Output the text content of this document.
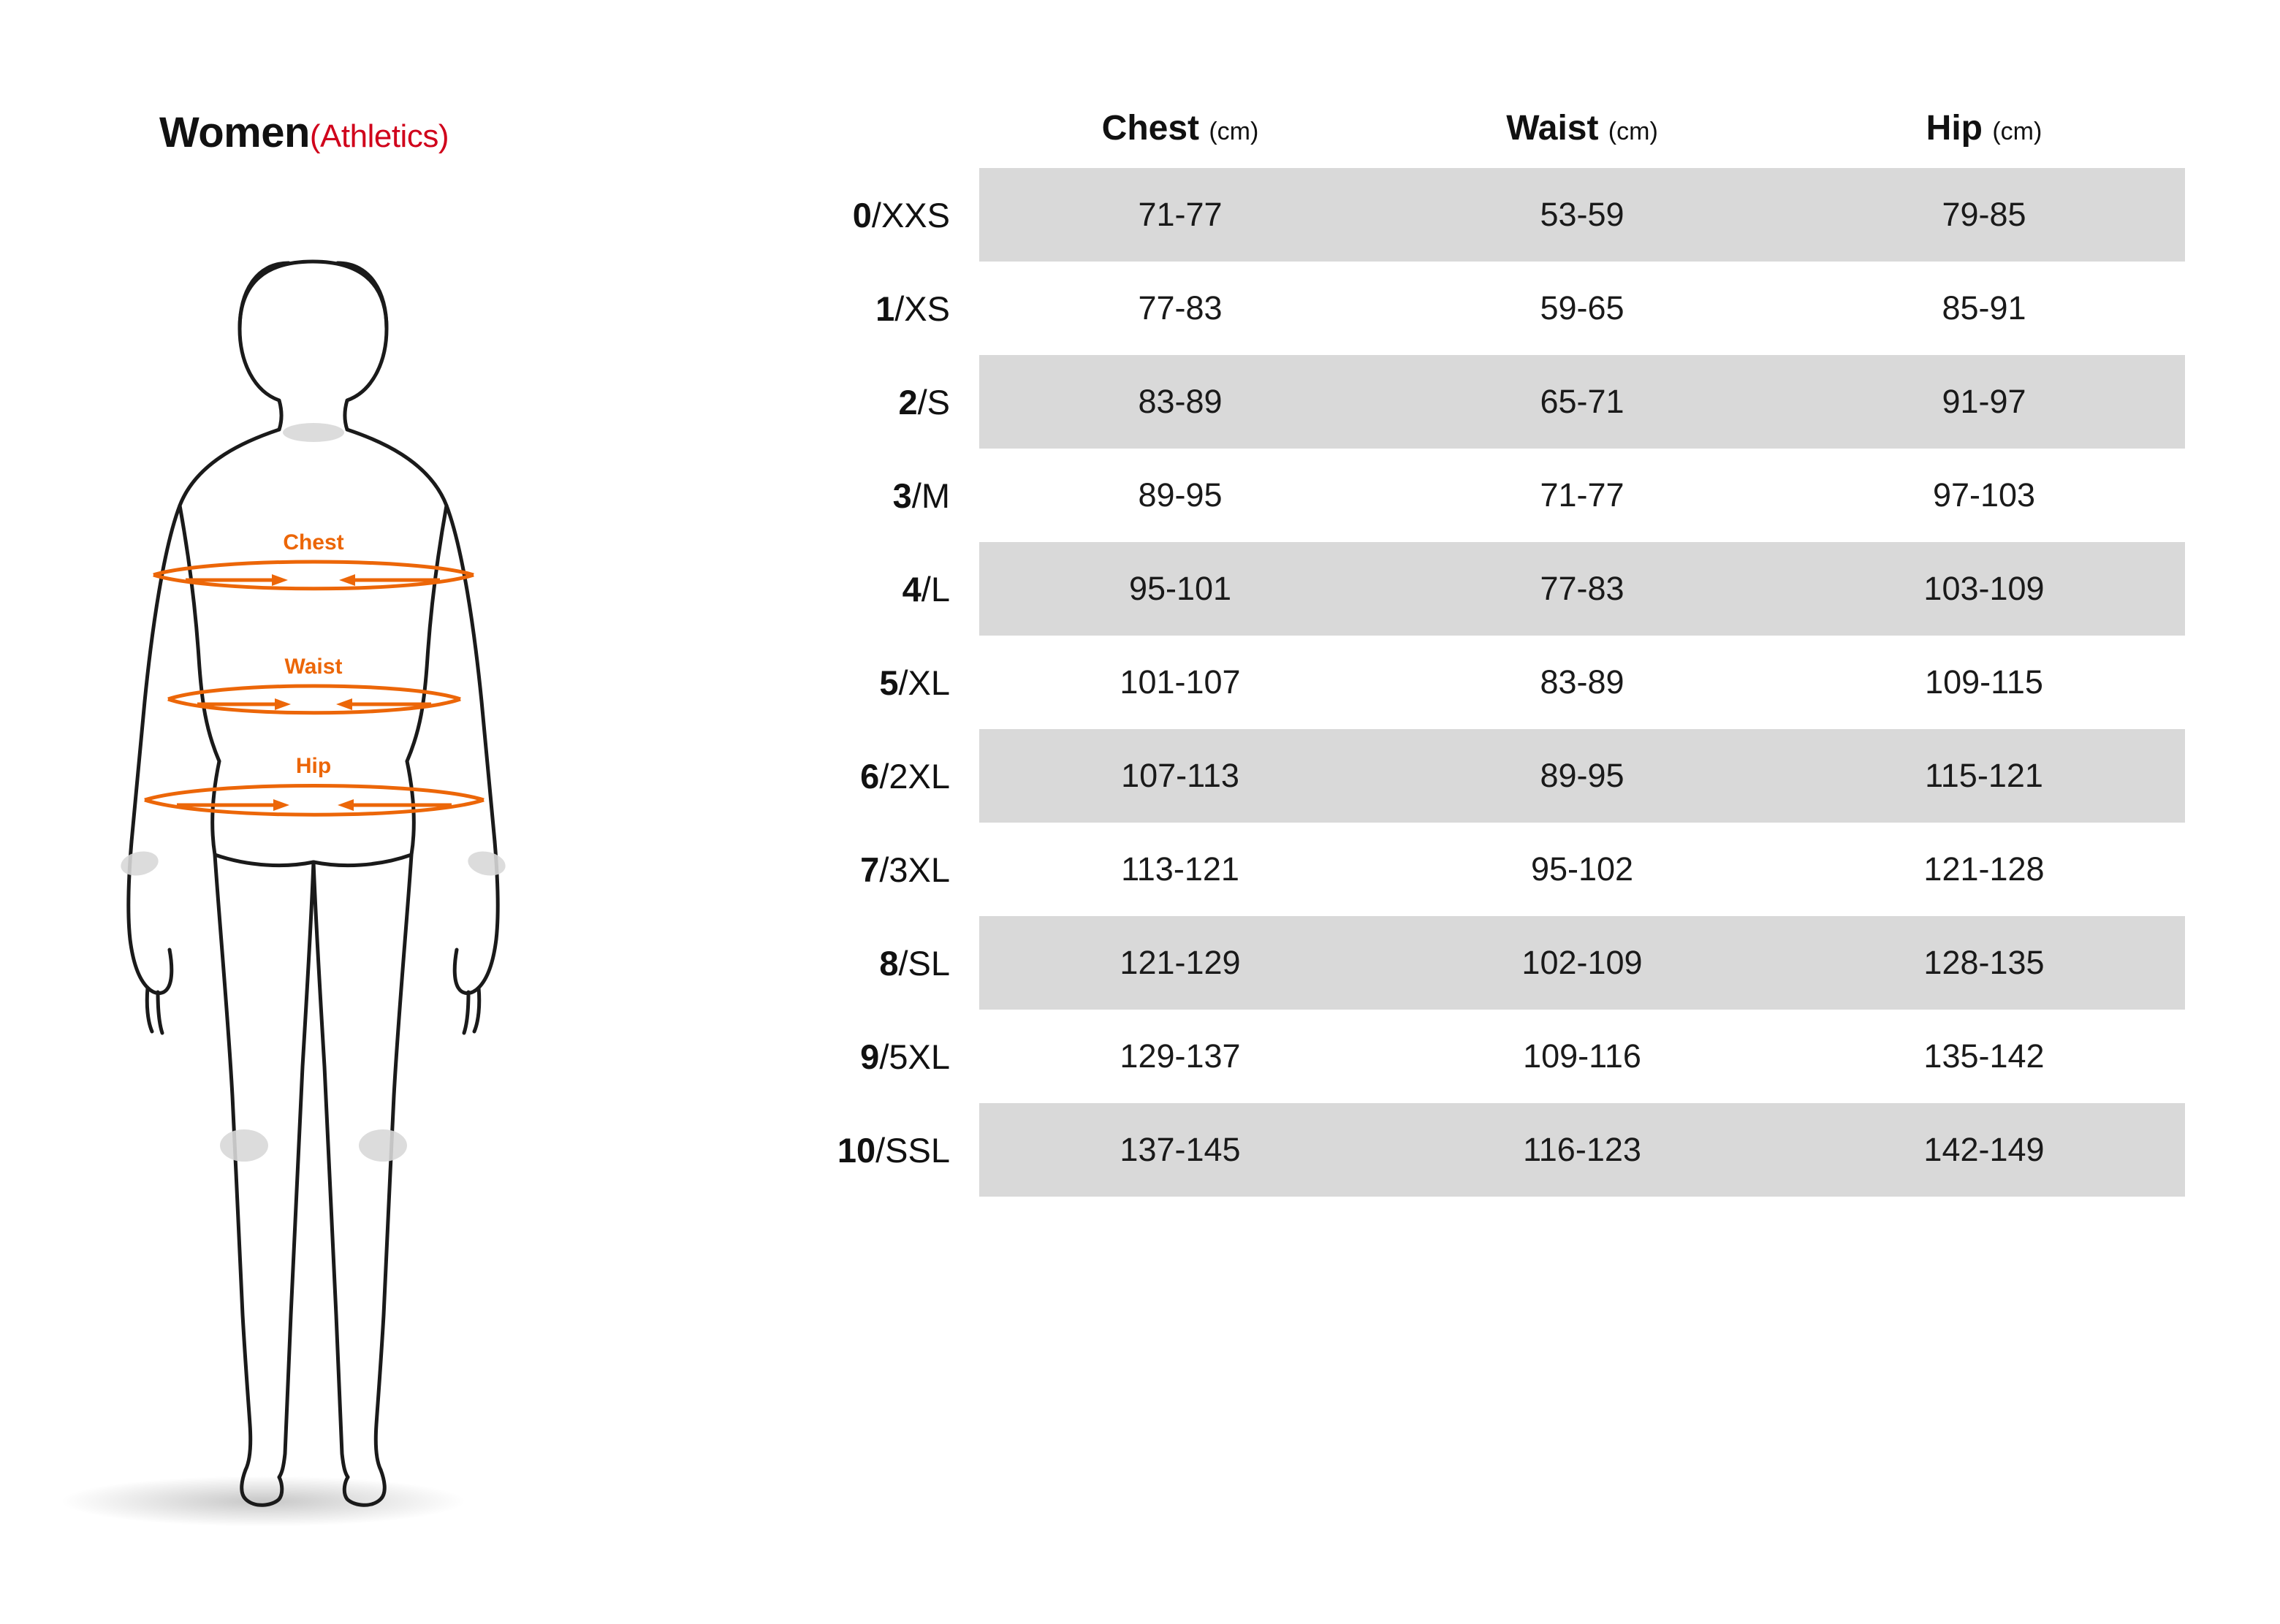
Women(Athletics)
Chest
Waist
Hip
Chest (cm)	Waist (cm)	Hip (cm)
0/XXS	71-77	53-59	79-85
1/XS	77-83	59-65	85-91
2/S	83-89	65-71	91-97
3/M	89-95	71-77	97-103
4/L	95-101	77-83	103-109
5/XL	101-107	83-89	109-115
6/2XL	107-113	89-95	115-121
7/3XL	113-121	95-102	121-128
8/SL	121-129	102-109	128-135
9/5XL	129-137	109-116	135-142
10/SSL	137-145	116-123	142-149
